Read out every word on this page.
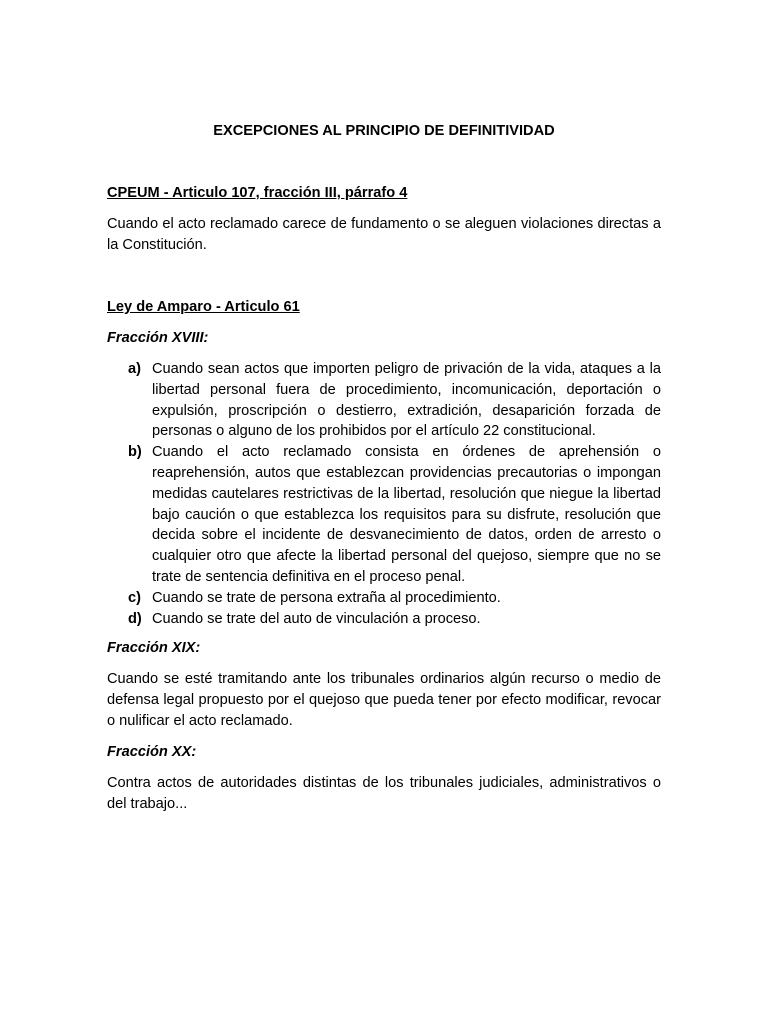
EXCEPCIONES AL PRINCIPIO DE DEFINITIVIDAD

CPEUM - Articulo 107, fracción III, párrafo 4

Cuando el acto reclamado carece de fundamento o se aleguen violaciones directas a la Constitución.

Ley de Amparo - Articulo 61

Fracción XVIII:

a) Cuando sean actos que importen peligro de privación de la vida, ataques a la libertad personal fuera de procedimiento, incomunicación, deportación o expulsión, proscripción o destierro, extradición, desaparición forzada de personas o alguno de los prohibidos por el artículo 22 constitucional.
b) Cuando el acto reclamado consista en órdenes de aprehensión o reaprehensión, autos que establezcan providencias precautorias o impongan medidas cautelares restrictivas de la libertad, resolución que niegue la libertad bajo caución o que establezca los requisitos para su disfrute, resolución que decida sobre el incidente de desvanecimiento de datos, orden de arresto o cualquier otro que afecte la libertad personal del quejoso, siempre que no se trate de sentencia definitiva en el proceso penal.
c) Cuando se trate de persona extraña al procedimiento.
d) Cuando se trate del auto de vinculación a proceso.

Fracción XIX:

Cuando se esté tramitando ante los tribunales ordinarios algún recurso o medio de defensa legal propuesto por el quejoso que pueda tener por efecto modificar, revocar o nulificar el acto reclamado.

Fracción XX:

Contra actos de autoridades distintas de los tribunales judiciales, administrativos o del trabajo...
